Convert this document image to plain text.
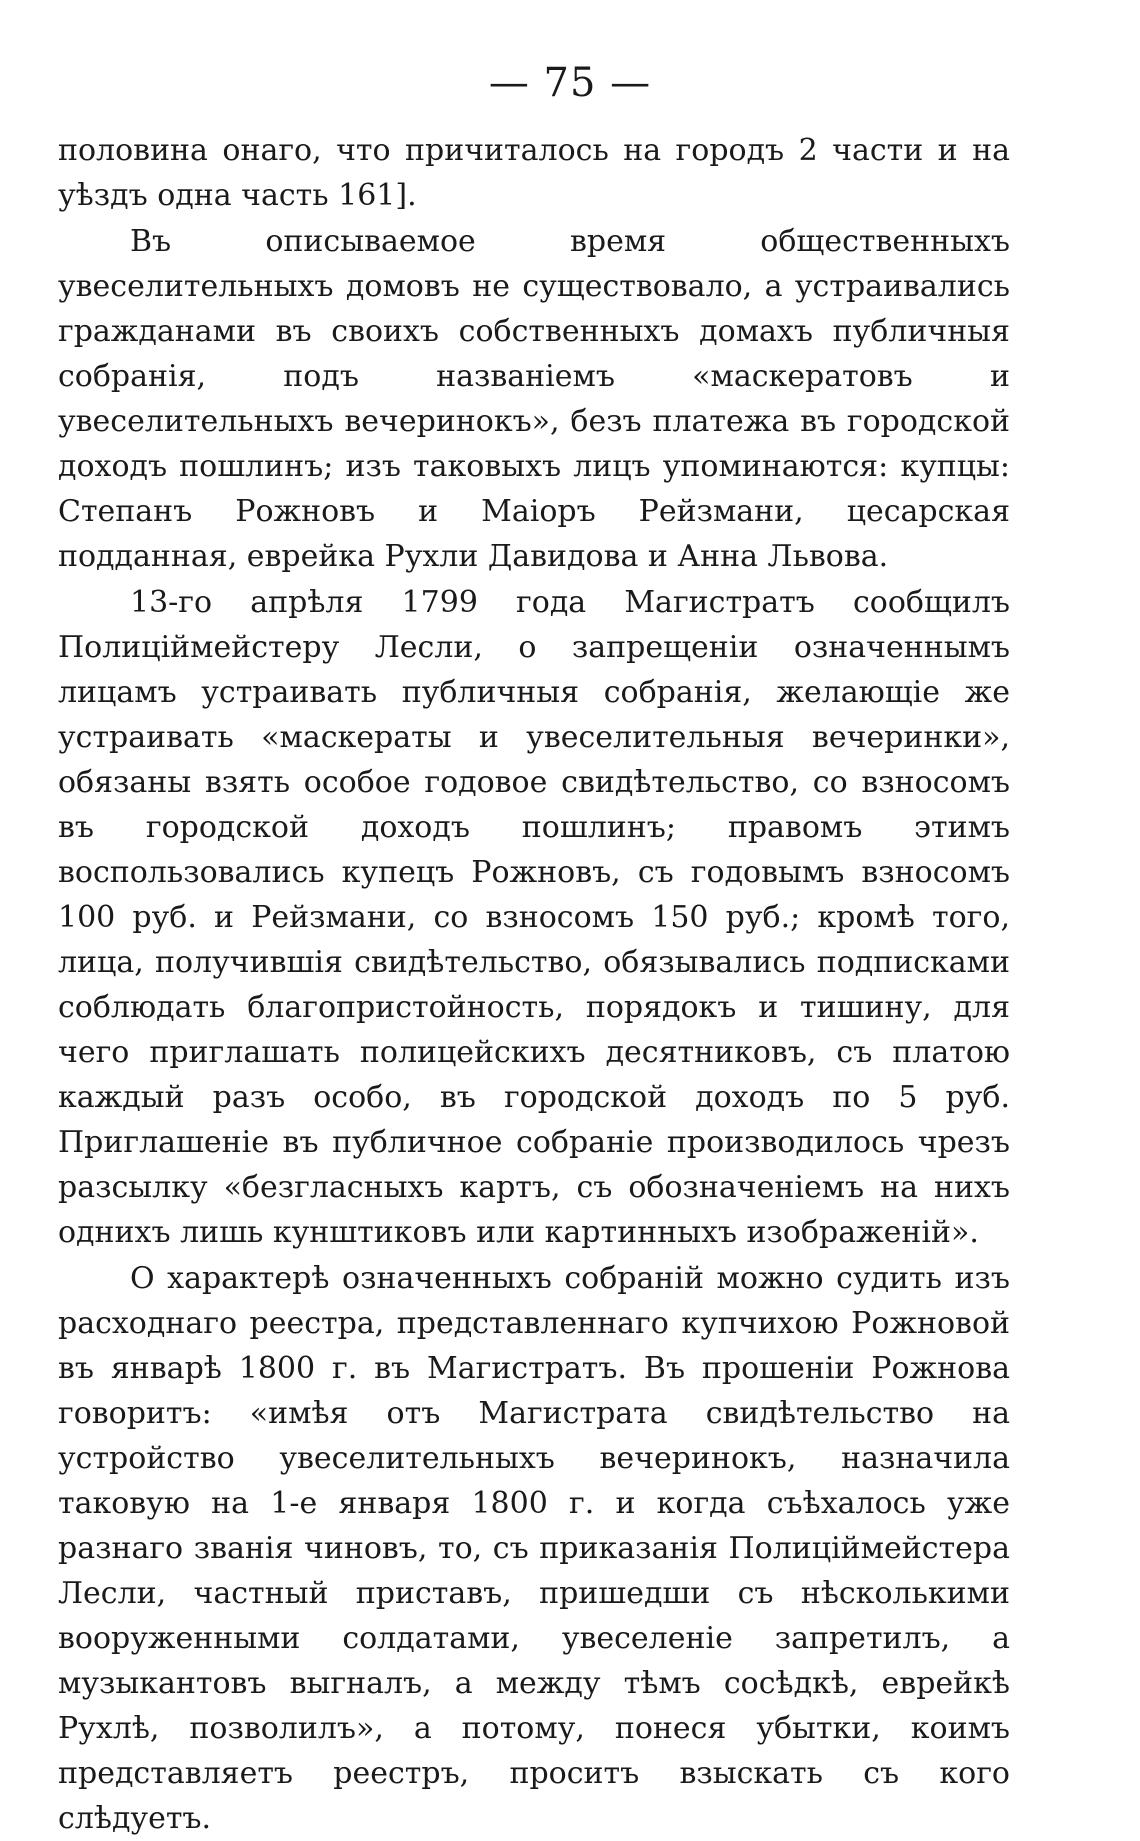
— 75 —

половина онаго, что причиталось на городъ 2 части и на уѣздъ одна часть 161].

Въ описываемое время общественныхъ увеселительныхъ домовъ не существовало, а устраивались гражданами въ своихъ собственныхъ домахъ публичныя собранія, подъ названіемъ «маскератовъ и увеселительныхъ вечеринокъ», безъ платежа въ городской доходъ пошлинъ; изъ таковыхъ лицъ упоминаются: купцы: Степанъ Рожновъ и Маіоръ Рейзмани, цесарская подданная, еврейка Рухли Давидова и Анна Львова.

13-го апрѣля 1799 года Магистратъ сообщилъ Полиціймейстеру Лесли, о запрещеніи означеннымъ лицамъ устраивать публичныя собранія, желающіе же устраивать «маскераты и увеселительныя вечеринки», обязаны взять особое годовое свидѣтельство, со взносомъ въ городской доходъ пошлинъ; правомъ этимъ воспользовались купецъ Рожновъ, съ годовымъ взносомъ 100 руб. и Рейзмани, со взносомъ 150 руб.; кромѣ того, лица, получившія свидѣтельство, обязывались подписками соблюдать благопристойность, порядокъ и тишину, для чего приглашать полицейскихъ десятниковъ, съ платою каждый разъ особо, въ городской доходъ по 5 руб. Приглашеніе въ публичное собраніе производилось чрезъ разсылку «безгласныхъ картъ, съ обозначеніемъ на нихъ однихъ лишь кунштиковъ или картинныхъ изображеній».

О характерѣ означенныхъ собраній можно судить изъ расходнаго реестра, представленнаго купчихою Рожновой въ январѣ 1800 г. въ Магистратъ. Въ прошеніи Рожнова говоритъ: «имѣя отъ Магистрата свидѣтельство на устройство увеселительныхъ вечеринокъ, назначила таковую на 1-е января 1800 г. и когда съѣхалось уже разнаго званія чиновъ, то, съ приказанія Полиціймейстера Лесли, частный приставъ, пришедши съ нѣсколькими вооруженными солдатами, увеселеніе запретилъ, а музыкантовъ выгналъ, а между тѣмъ сосѣдкѣ, еврейкѣ Рухлѣ, позволилъ», а потому, понеся убытки, коимъ представляетъ реестръ, проситъ взыскать съ кого слѣдуетъ.
